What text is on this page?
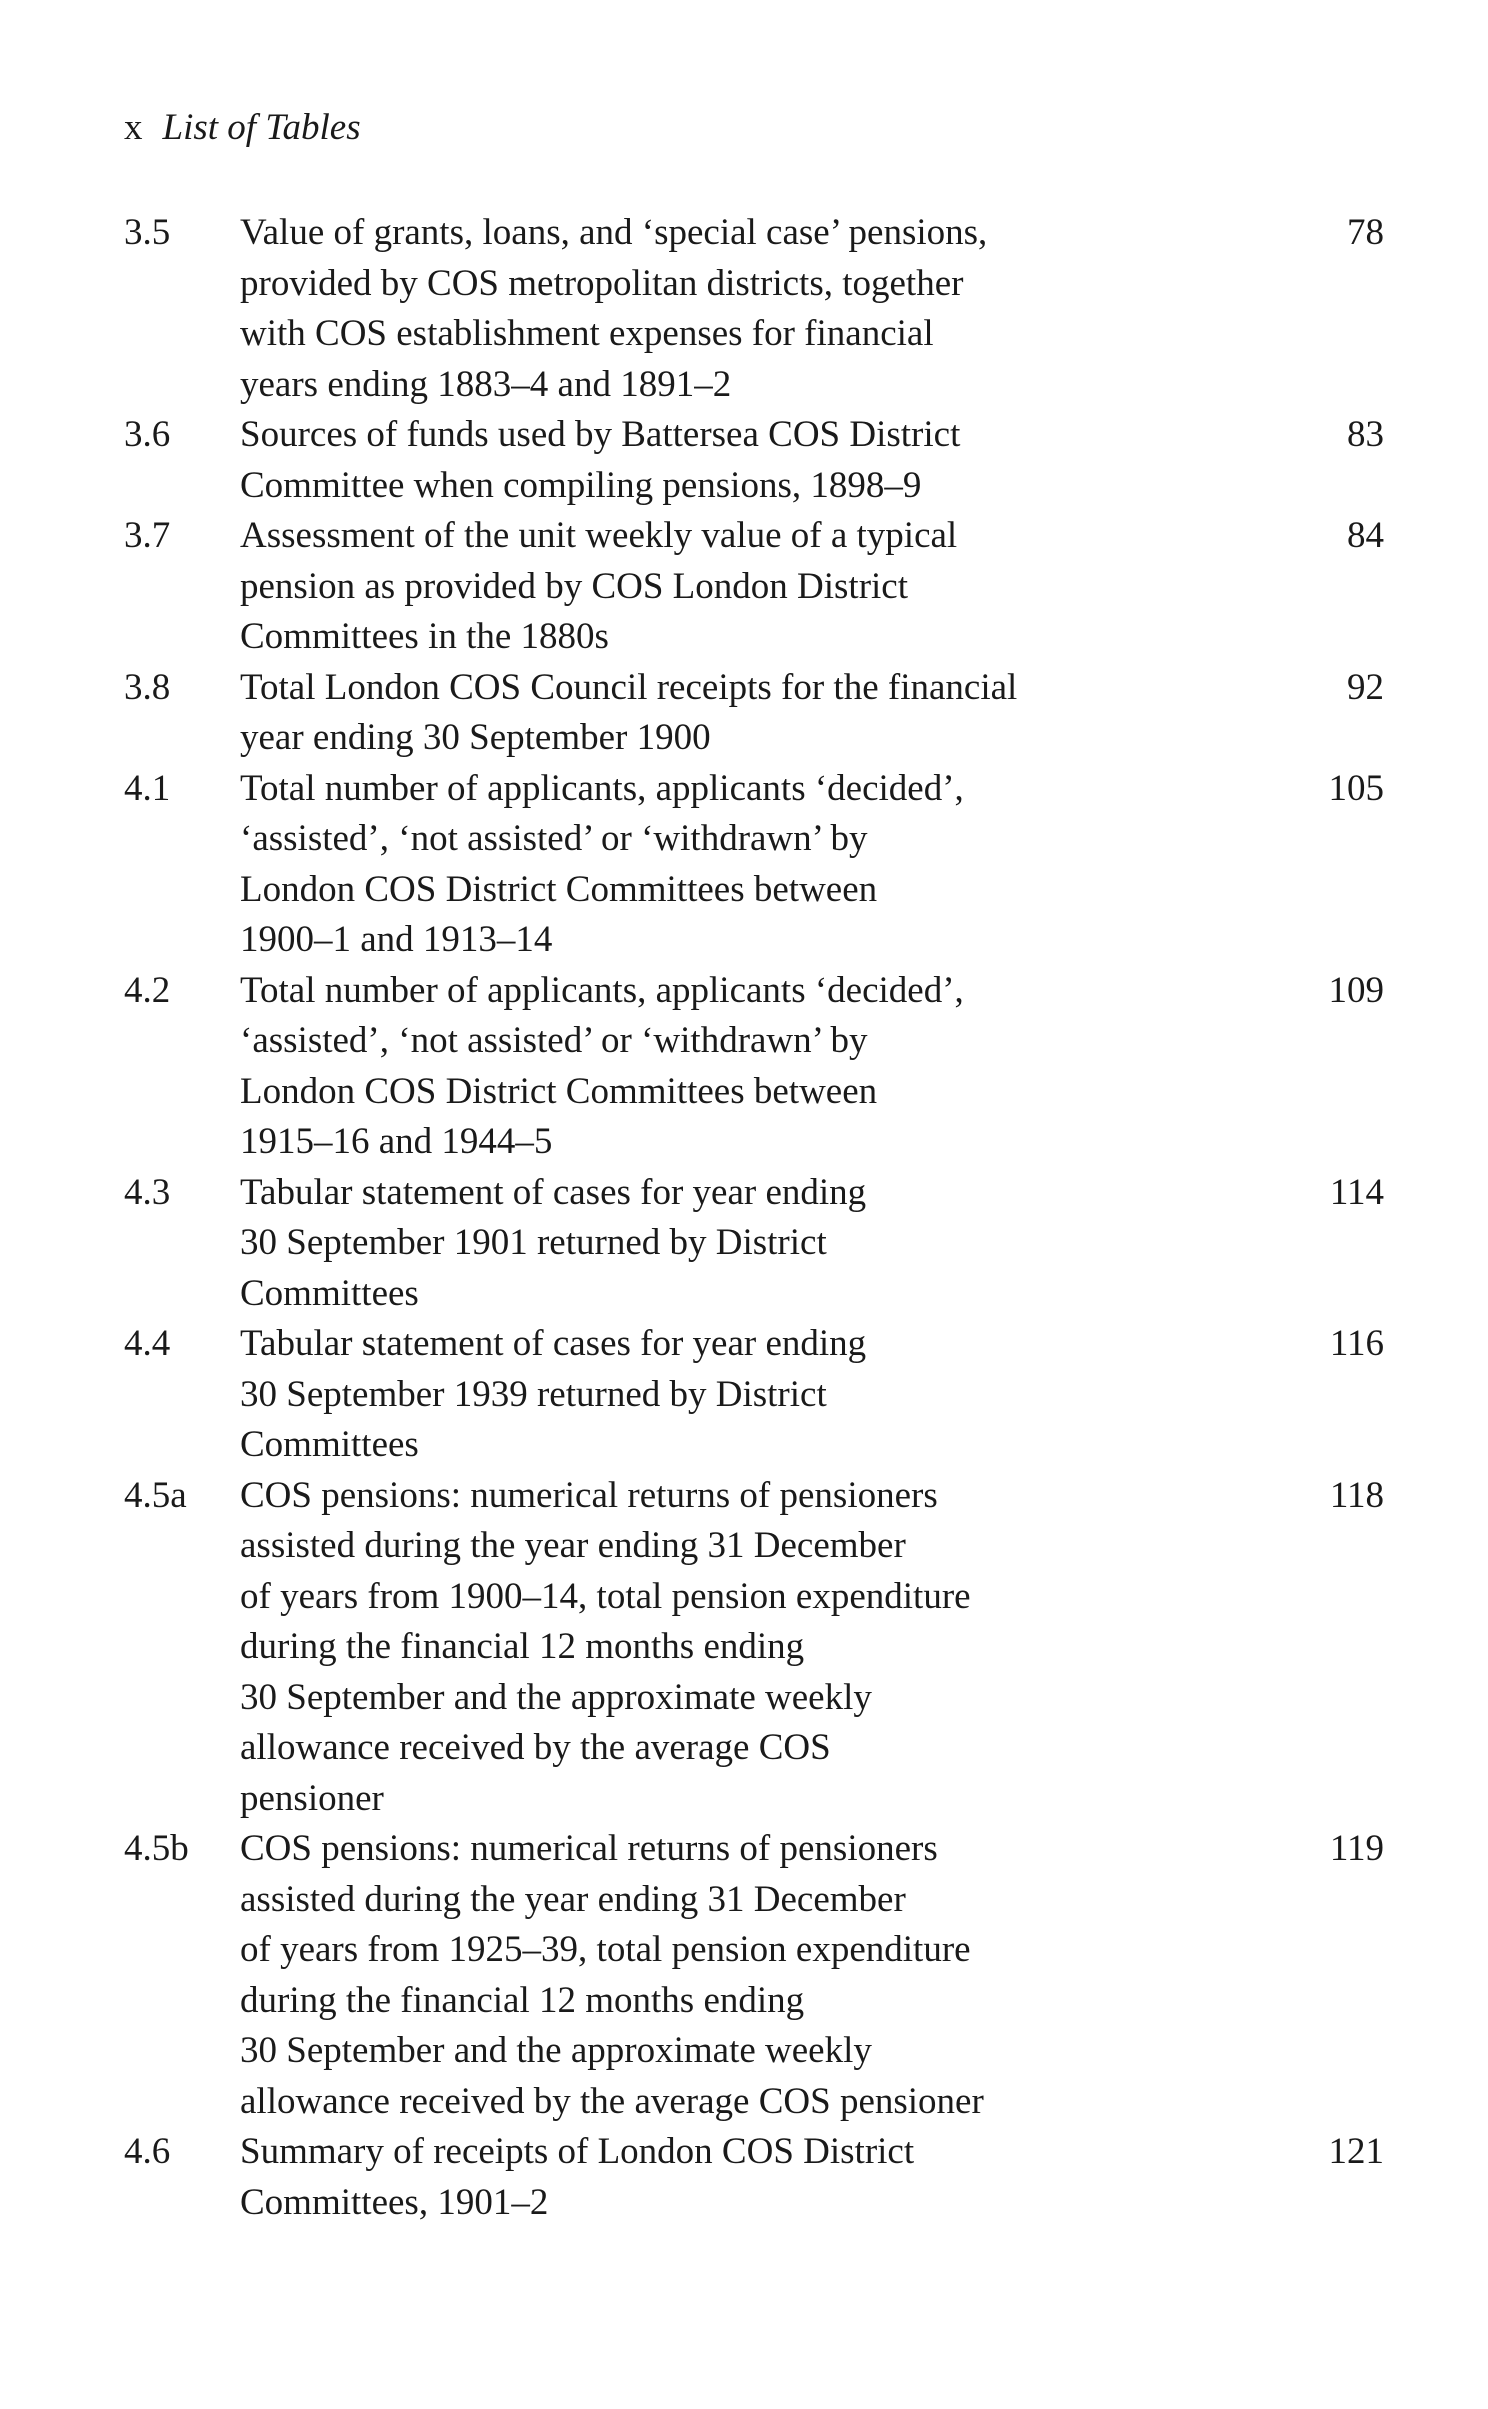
x List of Tables
3.5 Value of grants, loans, and ‘special case’ pensions,
provided by COS metropolitan districts, together
with COS establishment expenses for financial
years ending 1883–4 and 1891–2
78
3.6 Sources of funds used by Battersea COS District
Committee when compiling pensions, 1898–9
83
3.7 Assessment of the unit weekly value of a typical
pension as provided by COS London District
Committees in the 1880s
84
3.8 Total London COS Council receipts for the financial
year ending 30 September 1900
92
4.1 Total number of applicants, applicants ‘decided’,
‘assisted’, ‘not assisted’ or ‘withdrawn’ by
London COS District Committees between
1900–1 and 1913–14
105
4.2 Total number of applicants, applicants ‘decided’,
‘assisted’, ‘not assisted’ or ‘withdrawn’ by
London COS District Committees between
1915–16 and 1944–5
109
4.3 Tabular statement of cases for year ending
30 September 1901 returned by District
Committees
114
4.4 Tabular statement of cases for year ending
30 September 1939 returned by District
Committees
116
4.5a COS pensions: numerical returns of pensioners
assisted during the year ending 31 December
of years from 1900–14, total pension expenditure
during the financial 12 months ending
30 September and the approximate weekly
allowance received by the average COS
pensioner
118
4.5b COS pensions: numerical returns of pensioners
assisted during the year ending 31 December
of years from 1925–39, total pension expenditure
during the financial 12 months ending
30 September and the approximate weekly
allowance received by the average COS pensioner
119
4.6 Summary of receipts of London COS District
Committees, 1901–2
121
